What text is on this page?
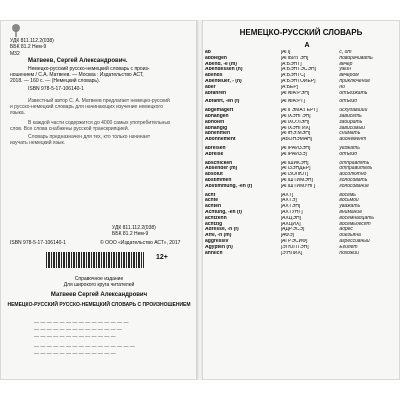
УДК 811.112.2(038)
ББК 81.2 Нем-9
М32
Матвеев, Сергей Александрович.
Немецко-русский русско-немецкий словарь с произ-
ношением / С.А. Матвеев. — Москва : Издательство АСТ,
2018. — 160 с. — (Немецкий словарь).
ISBN 978-5-17-106140-1
Известный автор С. А. Матвеев предлагает немецко-русский
и русско-немецкий словарь для начинающих изучение немецкого
языка.
В каждой части содержится до 4000 самых употребительных
слов. Все слова снабжены русской транскрипцией.
Словарь предназначен для тех, кто только начинает
изучать немецкий язык.
УДК 811.112.2(038)
ББК 81.2 Нем-9
ISBN 978-5-17-106140-1	© ООО «Издательство АСТ», 2017
12+
Справочное издание
Для широкого круга читателей
Матвеев Сергей Александрович
НЕМЕЦКО-РУССКИЙ РУССКО-НЕМЕЦКИЙ СЛОВАРЬ С ПРОИЗНОШЕНИЕМ
— — — — — — — — — — — — — — —
— — — — — — — — — — — — — —
— — — — — — — — — — — — —
— — — — — — — — — — — — — — — —
— — — — — — — — — — — — —
НЕМЕЦКО-РУССКИЙ СЛОВАРЬ
A
ab	[АП]	с, от
abbiegen	[АПБИ:ГЭН]	поворачивать
Abend, -e (m)	[А:БЭНТ]	вечер
Abendessen (n)	[А:БЭНТЭСЭН]	ужин
abends	[А:БЭНТС]	вечером
Abenteuer, - (n)	[А:БЭНТОЙЕР]	приключение
aber	[А:БЕР]	но
abfahren	[АПФА:РЭН]	отъезжать
Abfahrt, -en (f)	[АПФА:РТ]	отъезд
abgemagert	[АПГЭМА:ГЕРТ]	исхудавший
abhängen	[АПХЭНГЭН]	зависеть
abholen	[АПХО:ЛЭН]	забирать
abhängig	[АПХЭНГИХ]	зависимый
abnehmen	[АПНЭ:МЭН]	снимать
Abonnement	[АБОНЭМАН]	абонемент
abreisen	[АПРАЙЗЭН]	уезжать
Abreise	[АПРАЙЗЭ]	отъезд
abschicken	[АПШИКЭН]	отправлять
Absender (m)	[АПЗЭНДЕР]	отправитель
absolut	[АПЗОЛЮТ]	абсолютно
abstimmen	[АПШТИМЭН]	голосовать
Abstimmung, -en (f)	[АПШТИМУНГ]	голосование
acht	[АХТ]	восемь
achte	[АХТЭ]	восьмой
achten	[АХТЭН]	уважать
Achtung, -en (f)	[АХТУНГ]	внимание
achtzehn	[АХЦЭН]	восемнадцать
achtzig	[АХЦИХ]	восемьдесят
Adresse, -n (f)	[АДРЭСЭ]	адрес
Affe, -n (m)	[АФЭ]	обезьяна
aggressiv	[АГРЭСИФ]	агрессивный
Ägypten (n)	[ЭГЮПТЭН]	Египет
ähnlich	[Э:НЛИХ]	похожий
